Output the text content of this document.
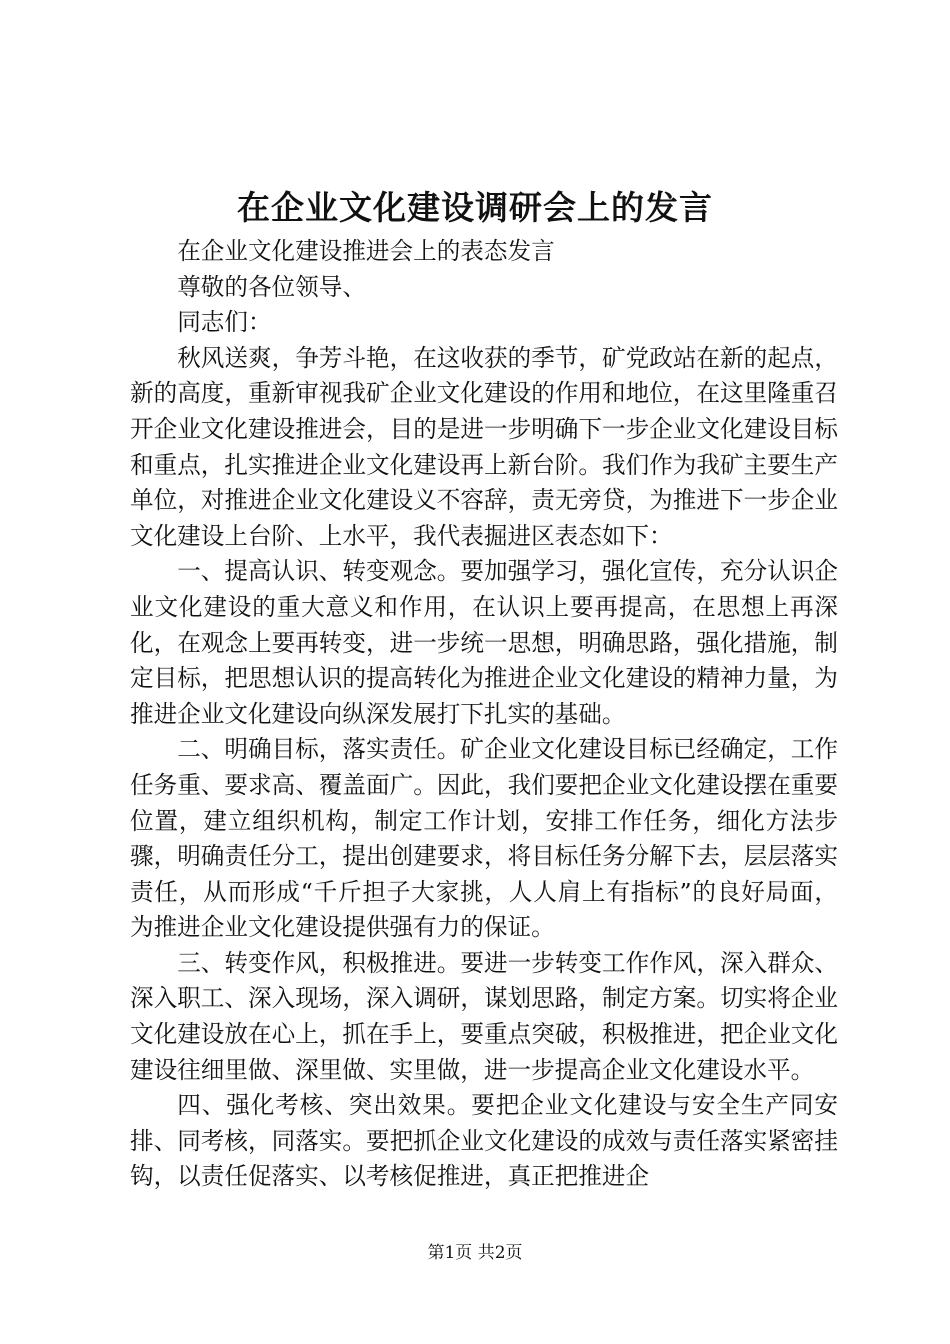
在企业文化建设调研会上的发言

在企业文化建设推进会上的表态发言

尊敬的各位领导、

同志们：

秋风送爽，争芳斗艳，在这收获的季节，矿党政站在新的起点，新的高度，重新审视我矿企业文化建设的作用和地位，在这里隆重召开企业文化建设推进会，目的是进一步明确下一步企业文化建设目标和重点，扎实推进企业文化建设再上新台阶。我们作为我矿主要生产单位，对推进企业文化建设义不容辞，责无旁贷，为推进下一步企业文化建设上台阶、上水平，我代表掘进区表态如下：

一、提高认识、转变观念。要加强学习，强化宣传，充分认识企业文化建设的重大意义和作用，在认识上要再提高，在思想上再深化，在观念上要再转变，进一步统一思想，明确思路，强化措施，制定目标，把思想认识的提高转化为推进企业文化建设的精神力量，为推进企业文化建设向纵深发展打下扎实的基础。

二、明确目标，落实责任。矿企业文化建设目标已经确定，工作任务重、要求高、覆盖面广。因此，我们要把企业文化建设摆在重要位置，建立组织机构，制定工作计划，安排工作任务，细化方法步骤，明确责任分工，提出创建要求，将目标任务分解下去，层层落实责任，从而形成“千斤担子大家挑，人人肩上有指标”的良好局面，为推进企业文化建设提供强有力的保证。

三、转变作风，积极推进。要进一步转变工作作风，深入群众、深入职工、深入现场，深入调研，谋划思路，制定方案。切实将企业文化建设放在心上，抓在手上，要重点突破，积极推进，把企业文化建设往细里做、深里做、实里做，进一步提高企业文化建设水平。

四、强化考核、突出效果。要把企业文化建设与安全生产同安排、同考核，同落实。要把抓企业文化建设的成效与责任落实紧密挂钩，以责任促落实、以考核促推进，真正把推进企

第1页 共2页
